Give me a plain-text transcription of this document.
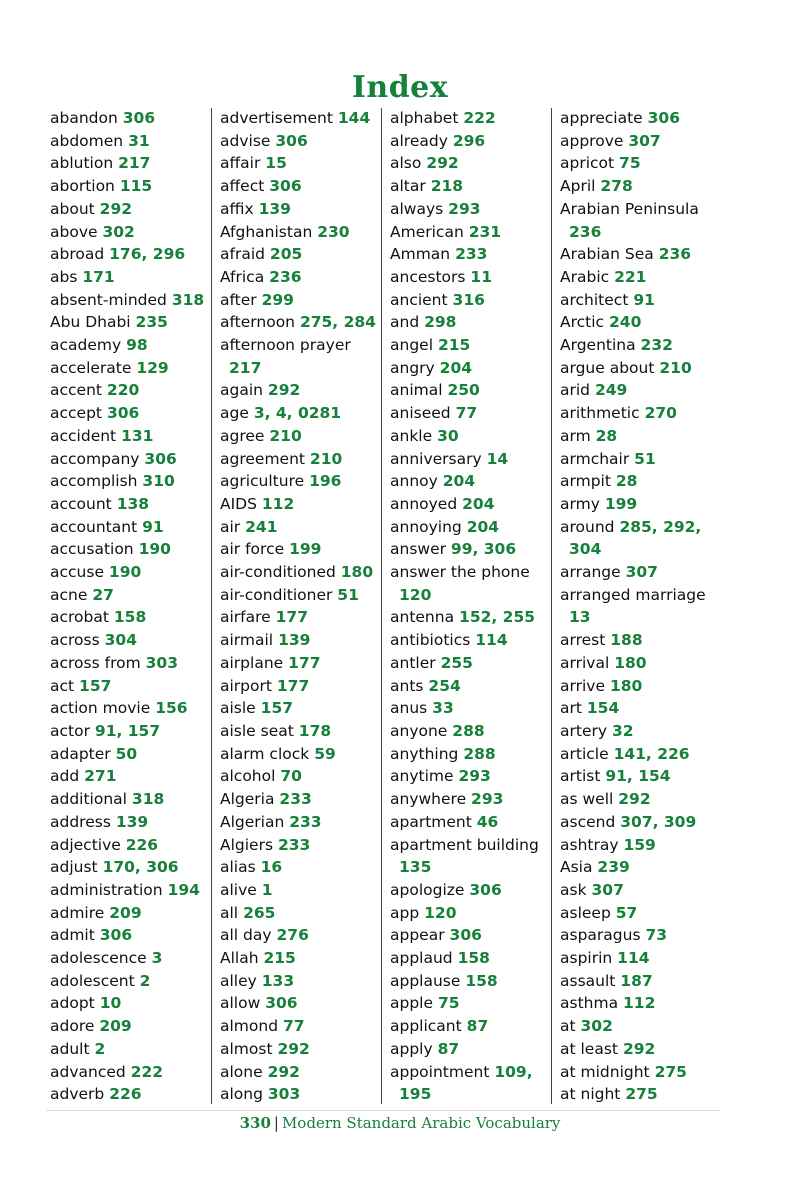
Index
abandon 306
abdomen 31
ablution 217
abortion 115
about 292
above 302
abroad 176, 296
abs 171
absent-minded 318
Abu Dhabi 235
academy 98
accelerate 129
accent 220
accept 306
accident 131
accompany 306
accomplish 310
account 138
accountant 91
accusation 190
accuse 190
acne 27
acrobat 158
across 304
across from 303
act 157
action movie 156
actor 91, 157
adapter 50
add 271
additional 318
address 139
adjective 226
adjust 170, 306
administration 194
admire 209
admit 306
adolescence 3
adolescent 2
adopt 10
adore 209
adult 2
advanced 222
adverb 226
advertisement 144
advise 306
affair 15
affect 306
affix 139
Afghanistan 230
afraid 205
Africa 236
after 299
afternoon 275, 284
afternoon prayer
217
again 292
age 3, 4, 0281
agree 210
agreement 210
agriculture 196
AIDS 112
air 241
air force 199
air-conditioned 180
air-conditioner 51
airfare 177
airmail 139
airplane 177
airport 177
aisle 157
aisle seat 178
alarm clock 59
alcohol 70
Algeria 233
Algerian 233
Algiers 233
alias 16
alive 1
all 265
all day 276
Allah 215
alley 133
allow 306
almond 77
almost 292
alone 292
along 303
alphabet 222
already 296
also 292
altar 218
always 293
American 231
Amman 233
ancestors 11
ancient 316
and 298
angel 215
angry 204
animal 250
aniseed 77
ankle 30
anniversary 14
annoy 204
annoyed 204
annoying 204
answer 99, 306
answer the phone
120
antenna 152, 255
antibiotics 114
antler 255
ants 254
anus 33
anyone 288
anything 288
anytime 293
anywhere 293
apartment 46
apartment building
135
apologize 306
app 120
appear 306
applaud 158
applause 158
apple 75
applicant 87
apply 87
appointment 109,
195
appreciate 306
approve 307
apricot 75
April 278
Arabian Peninsula
236
Arabian Sea 236
Arabic 221
architect 91
Arctic 240
Argentina 232
argue about 210
arid 249
arithmetic 270
arm 28
armchair 51
armpit 28
army 199
around 285, 292,
304
arrange 307
arranged marriage
13
arrest 188
arrival 180
arrive 180
art 154
artery 32
article 141, 226
artist 91, 154
as well 292
ascend 307, 309
ashtray 159
Asia 239
ask 307
asleep 57
asparagus 73
aspirin 114
assault 187
asthma 112
at 302
at least 292
at midnight 275
at night 275
330 | Modern Standard Arabic Vocabulary
